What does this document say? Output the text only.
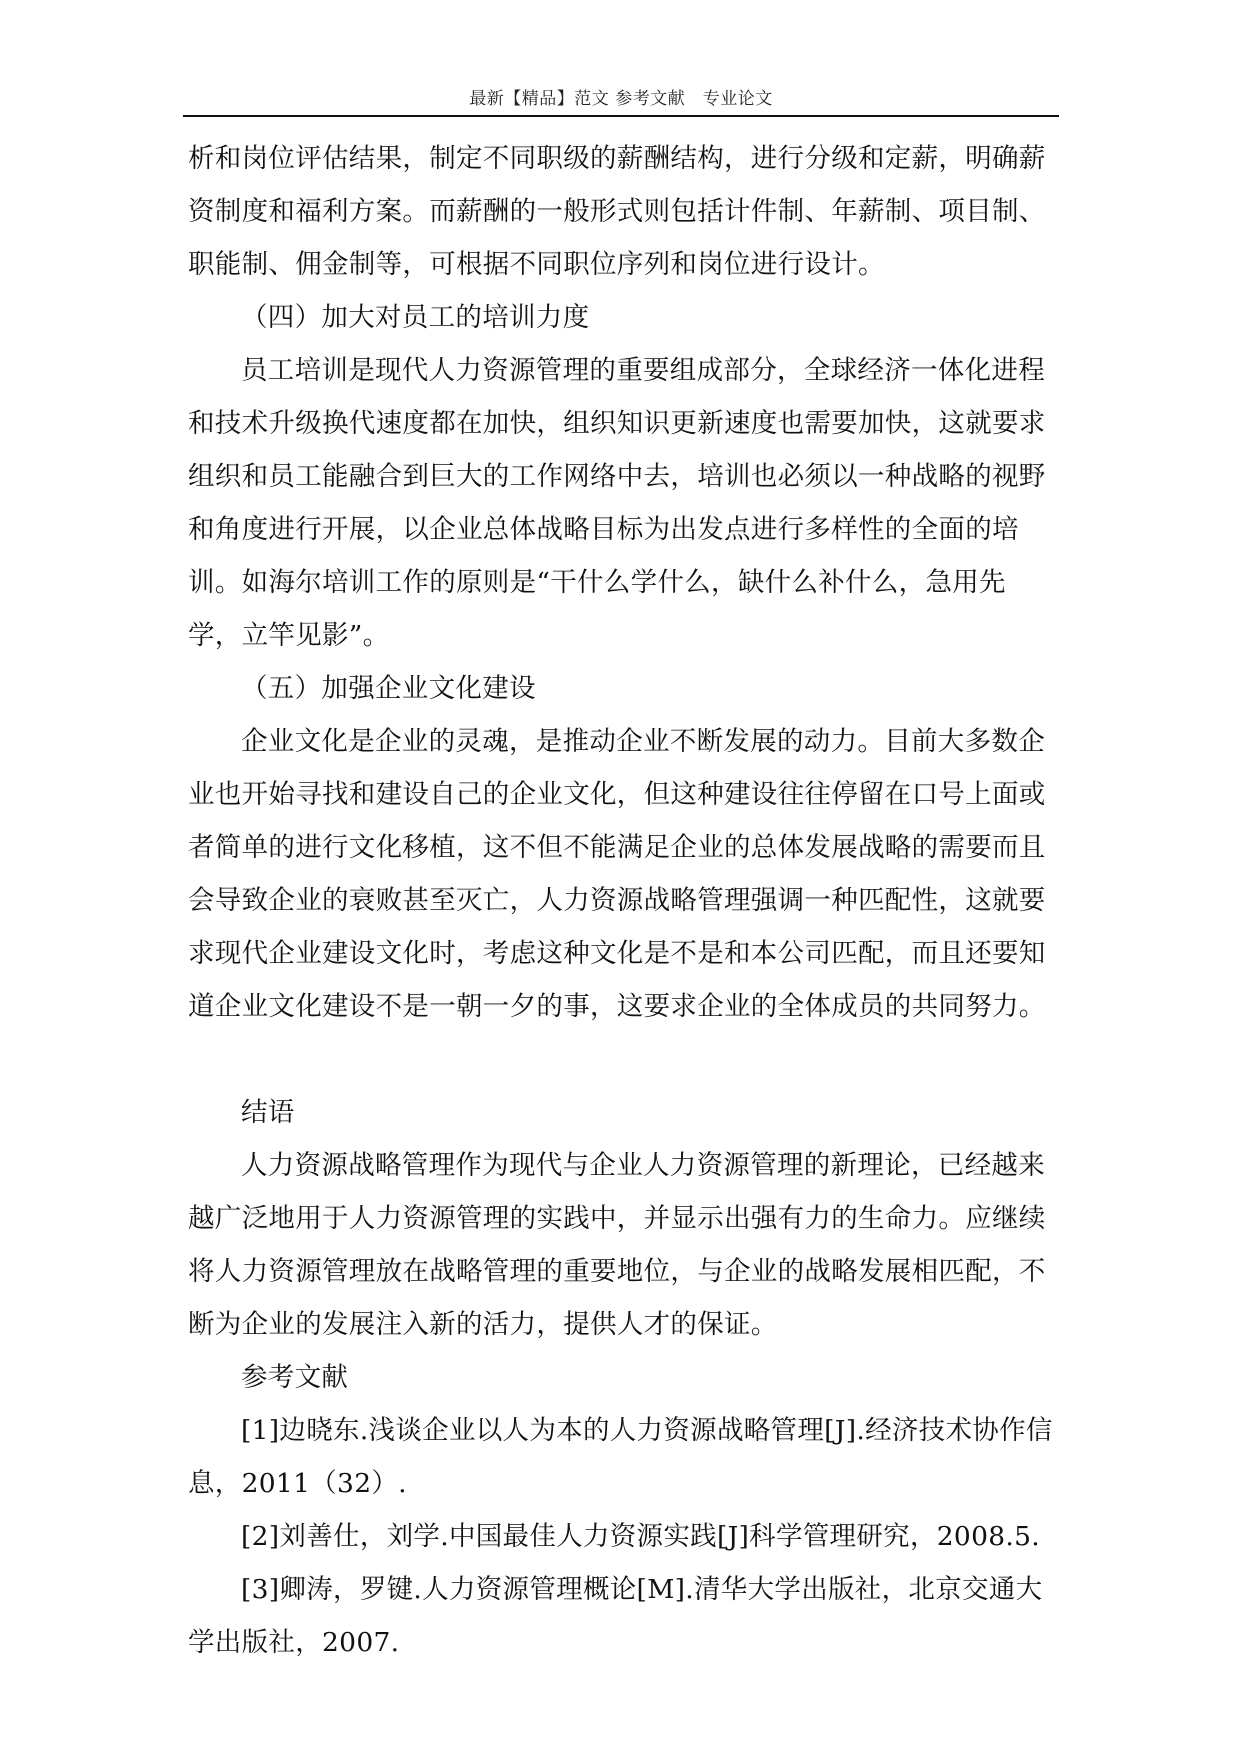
最新【精品】范文 参考文献　专业论文

析和岗位评估结果，制定不同职级的薪酬结构，进行分级和定薪，明确薪资制度和福利方案。而薪酬的一般形式则包括计件制、年薪制、项目制、职能制、佣金制等，可根据不同职位序列和岗位进行设计。

（四）加大对员工的培训力度

员工培训是现代人力资源管理的重要组成部分，全球经济一体化进程和技术升级换代速度都在加快，组织知识更新速度也需要加快，这就要求组织和员工能融合到巨大的工作网络中去，培训也必须以一种战略的视野和角度进行开展，以企业总体战略目标为出发点进行多样性的全面的培训。如海尔培训工作的原则是“干什么学什么，缺什么补什么，急用先学，立竿见影”。

（五）加强企业文化建设

企业文化是企业的灵魂，是推动企业不断发展的动力。目前大多数企业也开始寻找和建设自己的企业文化，但这种建设往往停留在口号上面或者简单的进行文化移植，这不但不能满足企业的总体发展战略的需要而且会导致企业的衰败甚至灭亡，人力资源战略管理强调一种匹配性，这就要求现代企业建设文化时，考虑这种文化是不是和本公司匹配，而且还要知道企业文化建设不是一朝一夕的事，这要求企业的全体成员的共同努力。

结语

人力资源战略管理作为现代与企业人力资源管理的新理论，已经越来越广泛地用于人力资源管理的实践中，并显示出强有力的生命力。应继续将人力资源管理放在战略管理的重要地位，与企业的战略发展相匹配，不断为企业的发展注入新的活力，提供人才的保证。

参考文献

[1]边晓东.浅谈企业以人为本的人力资源战略管理[J].经济技术协作信息，2011（32）.

[2]刘善仕，刘学.中国最佳人力资源实践[J]科学管理研究，2008.5.

[3]卿涛，罗键.人力资源管理概论[M].清华大学出版社，北京交通大学出版社，2007.
